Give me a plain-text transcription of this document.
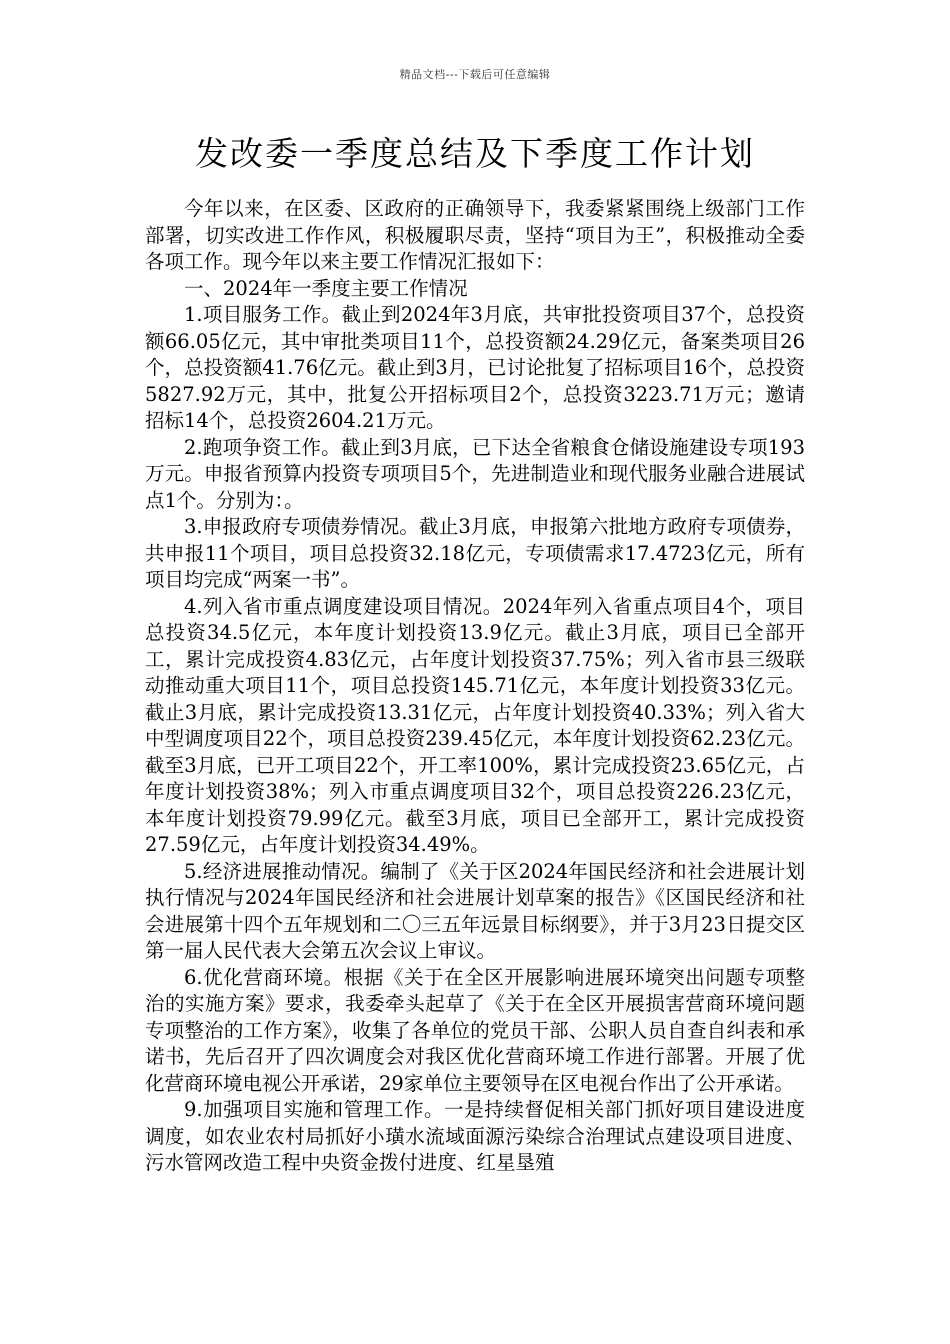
精品文档---下载后可任意编辑
发改委一季度总结及下季度工作计划

今年以来，在区委、区政府的正确领导下，我委紧紧围绕上级部门工作部署，切实改进工作作风，积极履职尽责，坚持“项目为王”，积极推动全委各项工作。现今年以来主要工作情况汇报如下：

一、2024年一季度主要工作情况

1.项目服务工作。截止到2024年3月底，共审批投资项目37个，总投资额66.05亿元，其中审批类项目11个，总投资额24.29亿元，备案类项目26个，总投资额41.76亿元。截止到3月，已讨论批复了招标项目16个，总投资5827.92万元，其中，批复公开招标项目2个，总投资3223.71万元；邀请招标14个，总投资2604.21万元。

2.跑项争资工作。截止到3月底，已下达全省粮食仓储设施建设专项193万元。申报省预算内投资专项项目5个，先进制造业和现代服务业融合进展试点1个。分别为：。

3.申报政府专项债券情况。截止3月底，申报第六批地方政府专项债券，共申报11个项目，项目总投资32.18亿元，专项债需求17.4723亿元，所有项目均完成“两案一书”。

4.列入省市重点调度建设项目情况。2024年列入省重点项目4个，项目总投资34.5亿元，本年度计划投资13.9亿元。截止3月底，项目已全部开工，累计完成投资4.83亿元，占年度计划投资37.75%；列入省市县三级联动推动重大项目11个，项目总投资145.71亿元，本年度计划投资33亿元。截止3月底，累计完成投资13.31亿元，占年度计划投资40.33%；列入省大中型调度项目22个，项目总投资239.45亿元，本年度计划投资62.23亿元。截至3月底，已开工项目22个，开工率100%，累计完成投资23.65亿元，占年度计划投资38%；列入市重点调度项目32个，项目总投资226.23亿元，本年度计划投资79.99亿元。截至3月底，项目已全部开工，累计完成投资27.59亿元，占年度计划投资34.49%。

5.经济进展推动情况。编制了《关于区2024年国民经济和社会进展计划执行情况与2024年国民经济和社会进展计划草案的报告》《区国民经济和社会进展第十四个五年规划和二〇三五年远景目标纲要》，并于3月23日提交区第一届人民代表大会第五次会议上审议。

6.优化营商环境。根据《关于在全区开展影响进展环境突出问题专项整治的实施方案》要求，我委牵头起草了《关于在全区开展损害营商环境问题专项整治的工作方案》，收集了各单位的党员干部、公职人员自查自纠表和承诺书，先后召开了四次调度会对我区优化营商环境工作进行部署。开展了优化营商环境电视公开承诺，29家单位主要领导在区电视台作出了公开承诺。

9.加强项目实施和管理工作。一是持续督促相关部门抓好项目建设进度调度，如农业农村局抓好小璜水流域面源污染综合治理试点建设项目进度、污水管网改造工程中央资金拨付进度、红星垦殖
